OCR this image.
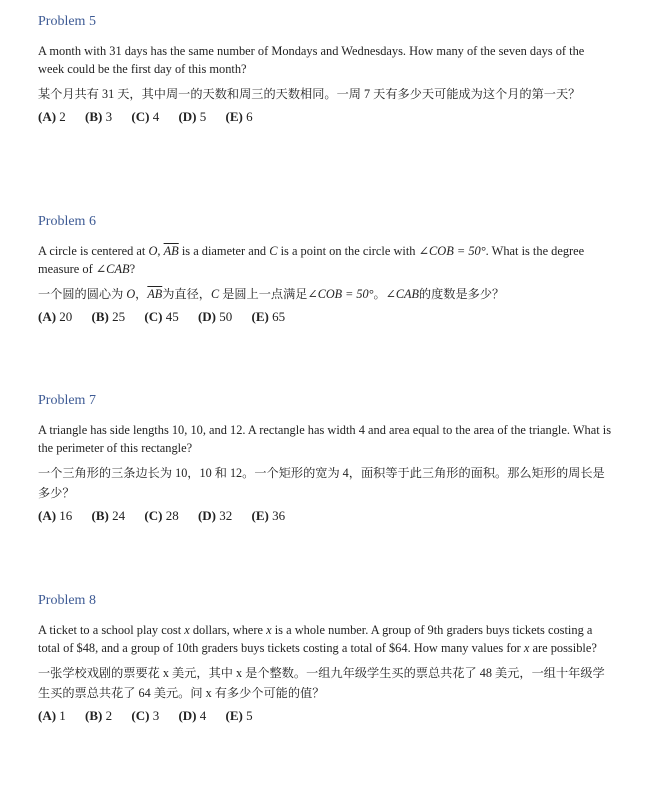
Problem 5
A month with 31 days has the same number of Mondays and Wednesdays. How many of the seven days of the week could be the first day of this month?
某个月共有 31 天，其中周一的天数和周三的天数相同。一周 7 天有多少天可能成为这个月的第一天？
(A) 2 (B) 3 (C) 4 (D) 5 (E) 6
Problem 6
A circle is centered at O, $\overline{AB}$ is a diameter and C is a point on the circle with ∠COB = 50°. What is the degree measure of ∠CAB?
一个圆的圆心为 O，$\overline{AB}$为直径，C 是圆上一点满足∠COB = 50°。∠CAB的度数是多少？
(A) 20 (B) 25 (C) 45 (D) 50 (E) 65
Problem 7
A triangle has side lengths 10, 10, and 12. A rectangle has width 4 and area equal to the area of the triangle. What is the perimeter of this rectangle?
一个三角形的三条边长为 10，10 和 12。一个矩形的宽为 4，面积等于此三角形的面积。那么矩形的周长是多少？
(A) 16 (B) 24 (C) 28 (D) 32 (E) 36
Problem 8
A ticket to a school play cost x dollars, where x is a whole number. A group of 9th graders buys tickets costing a total of $48, and a group of 10th graders buys tickets costing a total of $64. How many values for x are possible?
一张学校戏剧的票要花 x 美元，其中 x 是个整数。一组九年级学生买的票总共花了 48 美元，一组十年级学生买的票总共花了 64 美元。问 x 有多少个可能的值？
(A) 1 (B) 2 (C) 3 (D) 4 (E) 5
